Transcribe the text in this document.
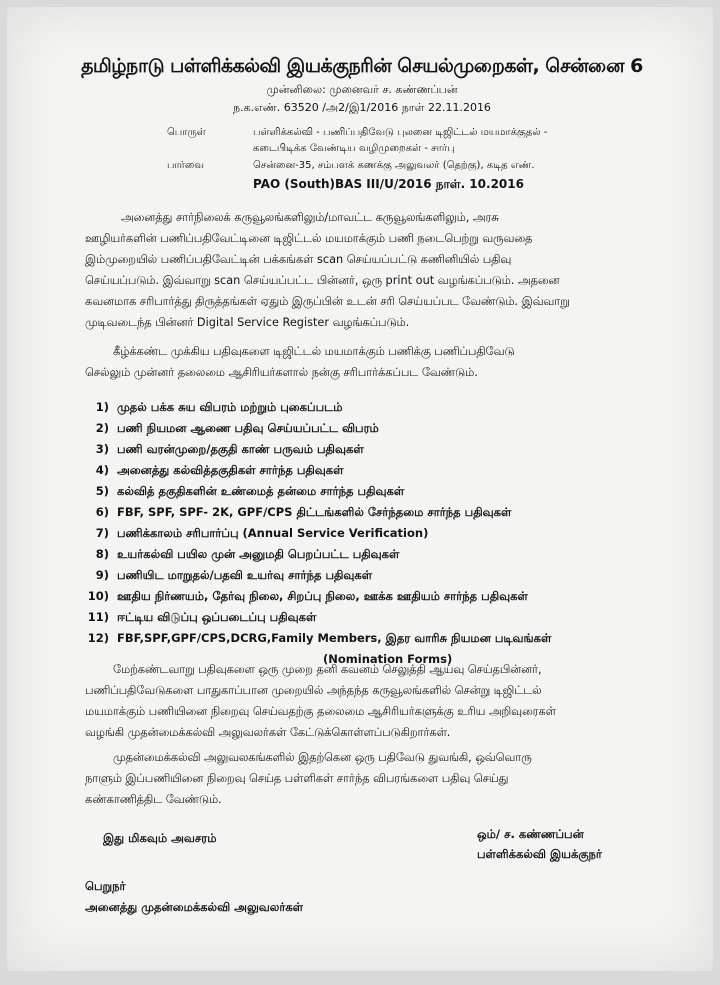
தமிழ்நாடு பள்ளிக்கல்வி இயக்குநரின் செயல்முறைகள், சென்னை 6
முன்னிலை: முனைவர் ச. கண்ணப்பன்
ந.க.எண். 63520 /அ2/இ1/2016 நாள் 22.11.2016
பொருள்	பள்ளிக்கல்வி - பணிப்பதிவேடு புலனை டிஜிட்டல் மயமாக்குதல் -
கடைபிடிக்க வேண்டிய வழிமுறைகள் - சார்பு
பார்வை	சென்னை-35, சம்பளக் கணக்கு அலுவலர் (தெற்கு), கடித எண்.
PAO (South)BAS III/U/2016 நாள். 10.2016
அனைத்து சார்நிலைக் கருவூலங்களிலும்/மாவட்ட கருவூலங்களிலும், அரசு
ஊழியர்களின் பணிப்பதிவேட்டினை டிஜிட்டல் மயமாக்கும் பணி நடைபெற்று வருவதை
இம்முறையில் பணிப்பதிவேட்டின் பக்கங்கள் scan செய்யப்பட்டு கணினியில் பதிவு
செய்யப்படும். இவ்வாறு scan செய்யப்பட்ட பின்னர், ஒரு print out வழங்கப்படும். அதனை
கவனமாக சரிபார்த்து திருத்தங்கள் ஏதும் இருப்பின் உடன் சரி செய்யப்பட வேண்டும். இவ்வாறு
முடிவடைந்த பின்னர் Digital Service Register வழங்கப்படும்.
கீழ்க்கண்ட முக்கிய பதிவுகளை டிஜிட்டல் மயமாக்கும் பணிக்கு பணிப்பதிவேடு
செல்லும் முன்னர் தலைமை ஆசிரியர்களால் நன்கு சரிபார்க்கப்பட வேண்டும்.
1) முதல் பக்க சுய விபரம் மற்றும் புகைப்படம்
2) பணி நியமன ஆணை பதிவு செய்யப்பட்ட விபரம்
3) பணி வரன்முறை/தகுதி காண் பருவம் பதிவுகள்
4) அனைத்து கல்வித்தகுதிகள் சார்ந்த பதிவுகள்
5) கல்வித் தகுதிகளின் உண்மைத் தன்மை சார்ந்த பதிவுகள்
6) FBF, SPF, SPF- 2K, GPF/CPS திட்டங்களில் சேர்ந்தமை சார்ந்த பதிவுகள்
7) பணிக்காலம் சரிபார்ப்பு (Annual Service Verification)
8) உயர்கல்வி பயில முன் அனுமதி பெறப்பட்ட பதிவுகள்
9) பணியிட மாறுதல்/பதவி உயர்வு சார்ந்த பதிவுகள்
10) ஊதிய நிர்ணயம், தேர்வு நிலை, சிறப்பு நிலை, ஊக்க ஊதியம் சார்ந்த பதிவுகள்
11) ஈட்டிய விடுப்பு ஒப்படைப்பு பதிவுகள்
12) FBF,SPF,GPF/CPS,DCRG,Family Members, இதர வாரிசு நியமன படிவங்கள்
(Nomination Forms)
மேற்கண்டவாறு பதிவுகளை ஒரு முறை தனி கவனம் செலுத்தி ஆய்வு செய்தபின்னர்,
பணிப்பதிவேடுகளை பாதுகாப்பான முறையில் அந்தந்த கருவூலங்களில் சென்று டிஜிட்டல்
மயமாக்கும் பணியினை நிறைவு செய்வதற்கு தலைமை ஆசிரியர்களுக்கு உரிய அறிவுரைகள்
வழங்கி முதன்மைக்கல்வி அலுவலர்கள் கேட்டுக்கொள்ளப்படுகிறார்கள்.
முதன்மைக்கல்வி அலுவலகங்களில் இதற்கென ஒரு பதிவேடு துவங்கி, ஒவ்வொரு
நாளும் இப்பணியினை நிறைவு செய்த பள்ளிகள் சார்ந்த விபரங்களை பதிவு செய்து
கண்காணித்திட வேண்டும்.
இது மிகவும் அவசரம்	ஒம்/ ச. கண்ணப்பன்
பள்ளிக்கல்வி இயக்குநர்
பெறுநர்
அனைத்து முதன்மைக்கல்வி அலுவலர்கள்
